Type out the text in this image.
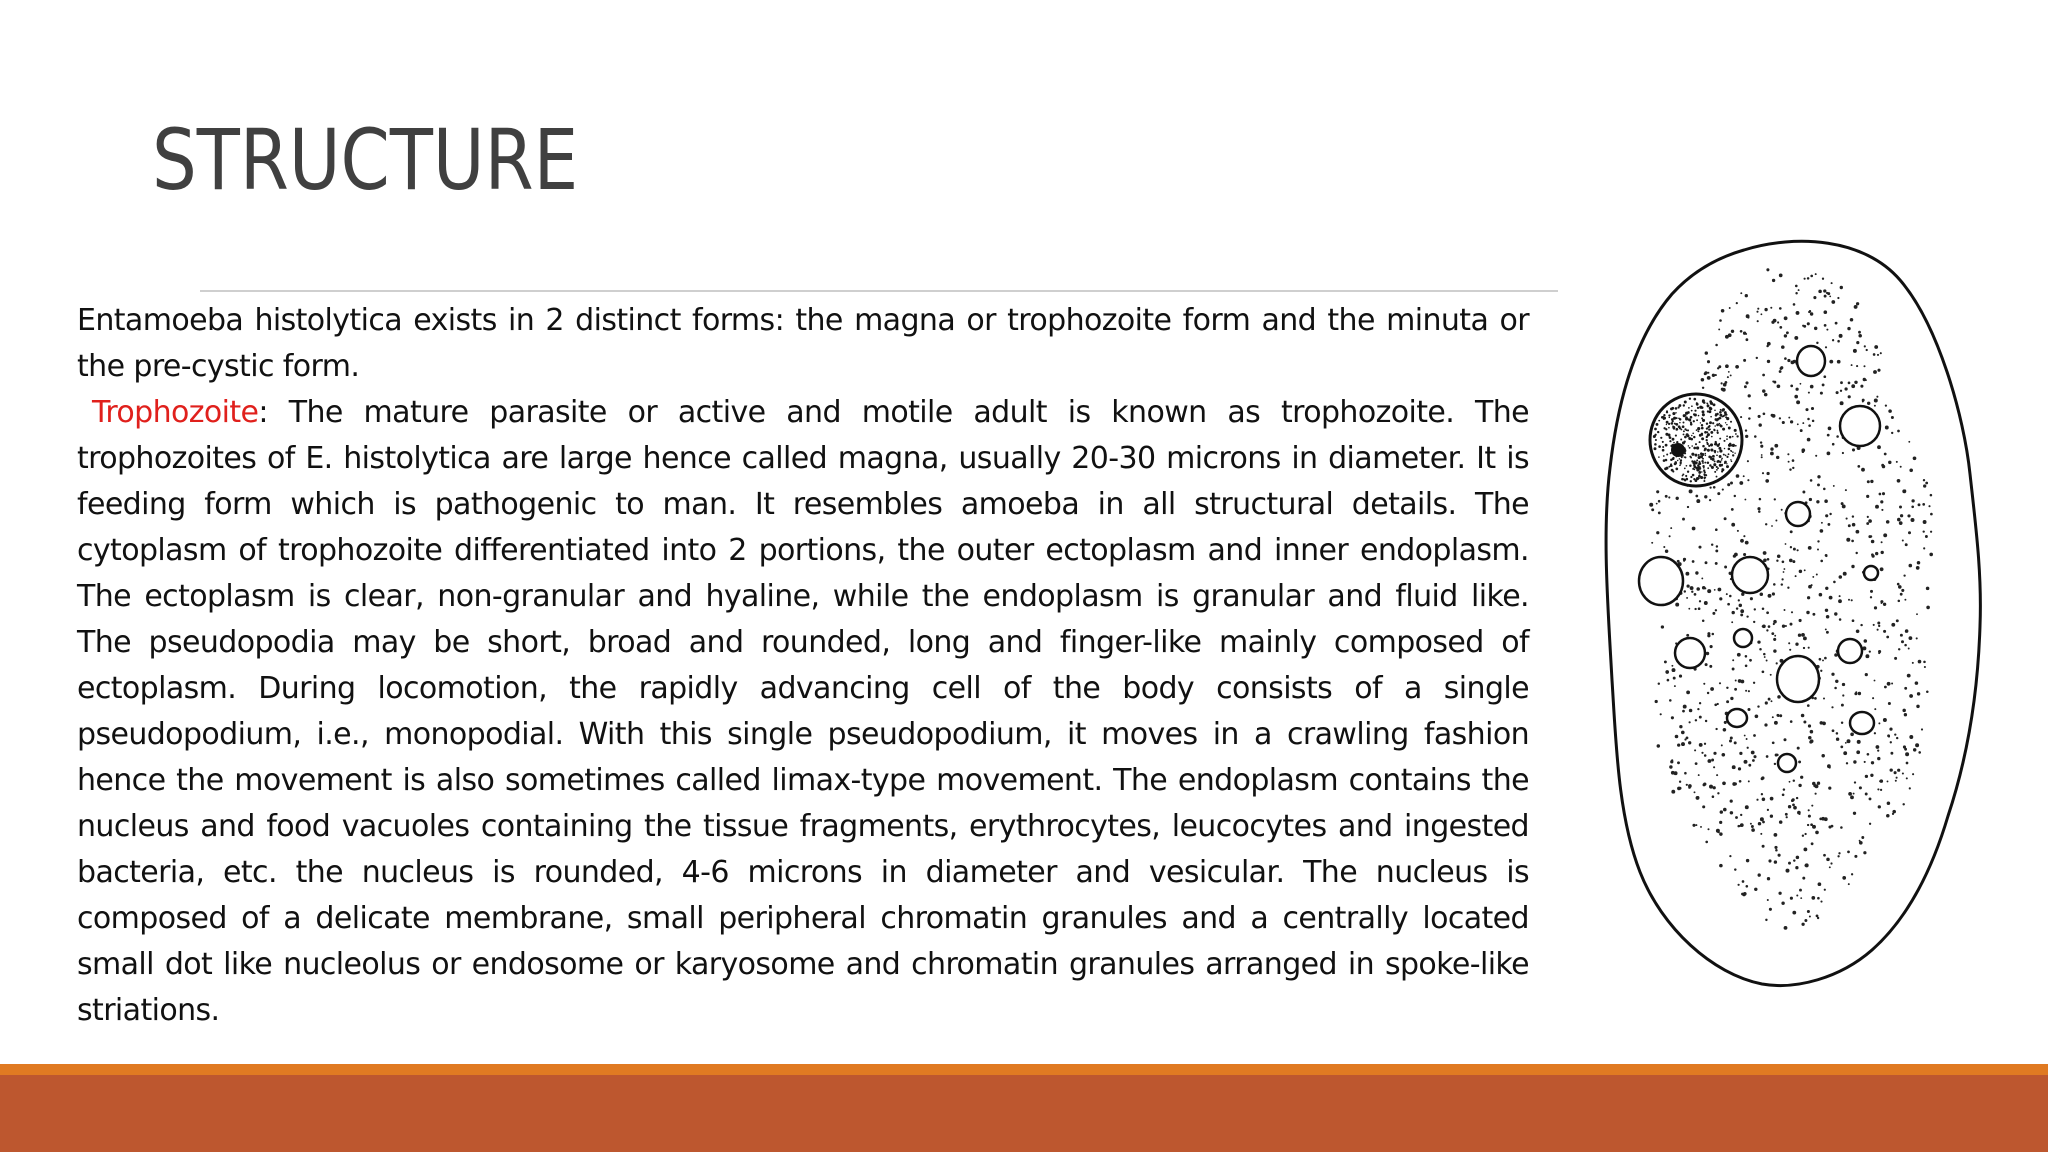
STRUCTURE

Entamoeba histolytica exists in 2 distinct forms: the magna or trophozoite form and the minuta or the pre-cystic form.

Trophozoite: The mature parasite or active and motile adult is known as trophozoite. The trophozoites of E. histolytica are large hence called magna, usually 20-30 microns in diameter. It is feeding form which is pathogenic to man. It resembles amoeba in all structural details. The cytoplasm of trophozoite differentiated into 2 portions, the outer ectoplasm and inner endoplasm. The ectoplasm is clear, non-granular and hyaline, while the endoplasm is granular and fluid like. The pseudopodia may be short, broad and rounded, long and finger-like mainly composed of ectoplasm. During locomotion, the rapidly advancing cell of the body consists of a single pseudopodium, i.e., monopodial. With this single pseudopodium, it moves in a crawling fashion hence the movement is also sometimes called limax-type movement. The endoplasm contains the nucleus and food vacuoles containing the tissue fragments, erythrocytes, leucocytes and ingested bacteria, etc. the nucleus is rounded, 4-6 microns in diameter and vesicular. The nucleus is composed of a delicate membrane, small peripheral chromatin granules and a centrally located small dot like nucleolus or endosome or karyosome and chromatin granules arranged in spoke-like striations.
